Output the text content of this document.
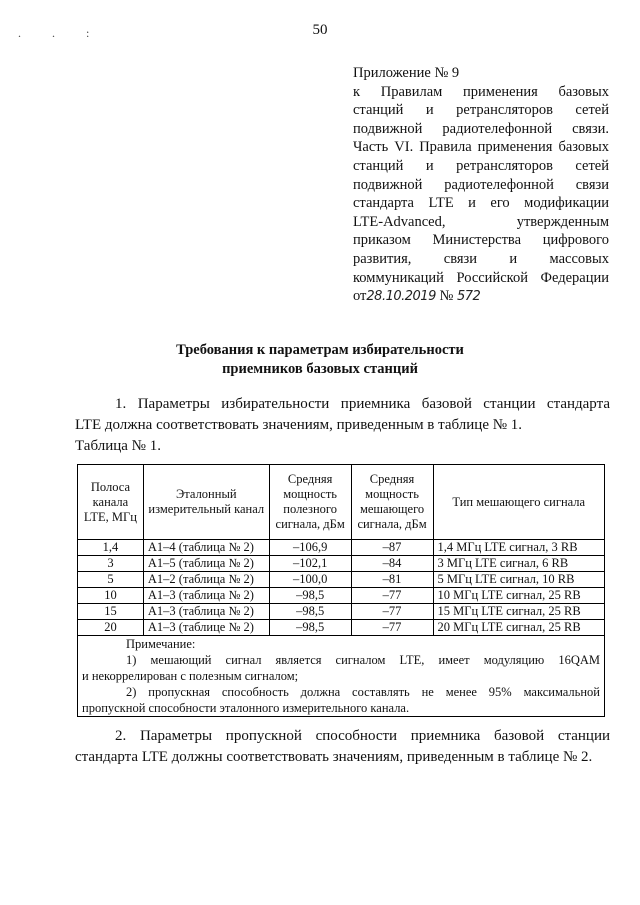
. . :	50
Приложение № 9
к Правилам применения базовых
станций и ретрансляторов сетей
подвижной радиотелефонной связи.
Часть VI. Правила применения базовых
станций и ретрансляторов сетей
подвижной радиотелефонной связи
стандарта LTE и его модификации
LTE-Advanced, утвержденным
приказом Министерства цифрового
развития, связи и массовых
коммуникаций Российской Федерации
от28.10.2019 № 572
Требования к параметрам избирательности
приемников базовых станций
1. Параметры избирательности приемника базовой станции стандарта
LTE должна соответствовать значениям, приведенным в таблице № 1.
Таблица № 1.
Полоса канала LTE, МГц	Эталонный измерительный канал	Средняя мощность полезного сигнала, дБм	Средняя мощность мешающего сигнала, дБм	Тип мешающего сигнала
1,4	А1–4 (таблица № 2)	–106,9	–87	1,4 МГц LTE сигнал, 3 RB
3	А1–5 (таблица № 2)	–102,1	–84	3 МГц LTE сигнал, 6 RB
5	А1–2 (таблица № 2)	–100,0	–81	5 МГц LTE сигнал, 10 RB
10	А1–3 (таблица № 2)	–98,5	–77	10 МГц LTE сигнал, 25 RB
15	А1–3 (таблица № 2)	–98,5	–77	15 МГц LTE сигнал, 25 RB
20	А1–3 (таблице № 2)	–98,5	–77	20 МГц LTE сигнал, 25 RB

Примечание:
1) мешающий сигнал является сигналом LTE, имеет модуляцию 16QAM
и некоррелирован с полезным сигналом;
2) пропускная способность должна составлять не менее 95% максимальной
пропускной способности эталонного измерительного канала.				
2. Параметры пропускной способности приемника базовой станции
стандарта LTE должны соответствовать значениям, приведенным в таблице № 2.
